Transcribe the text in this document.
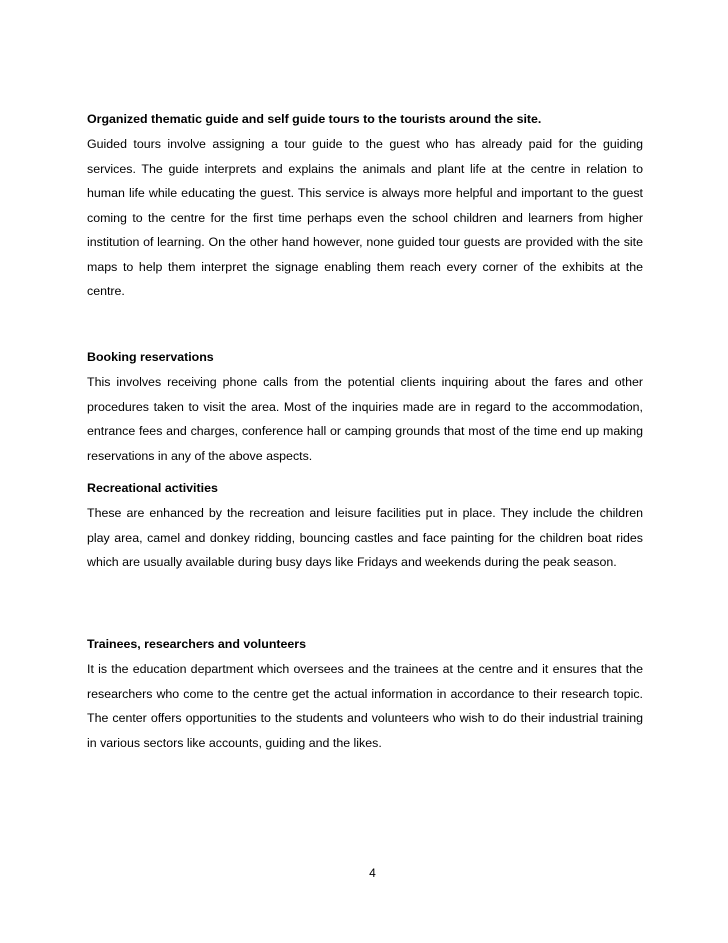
Organized thematic guide and self guide tours to the tourists around the site.

Guided tours involve assigning a tour guide to the guest who has already paid for the guiding services. The guide interprets and explains the animals and plant life at the centre in relation to human life while educating the guest. This service is always more helpful and important to the guest coming to the centre for the first time perhaps even the school children and learners from higher institution of learning. On the other hand however, none guided tour guests are provided with the site maps to help them interpret the signage enabling them reach every corner of the exhibits at the centre.

Booking reservations

This involves receiving phone calls from the potential clients inquiring about the fares and other procedures taken to visit the area. Most of the inquiries made are in regard to the accommodation, entrance fees and charges, conference hall or camping grounds that most of the time end up making reservations in any of the above aspects.

Recreational activities

These are enhanced by the recreation and leisure facilities put in place. They include the children play area, camel and donkey ridding, bouncing castles and face painting for the children boat rides which are usually available during busy days like Fridays and weekends during the peak season.

Trainees, researchers and volunteers

It is the education department which oversees and the trainees at the centre and it ensures that the researchers who come to the centre get the actual information in accordance to their research topic. The center offers opportunities to the students and volunteers who wish to do their industrial training in various sectors like accounts, guiding and the likes.

4
